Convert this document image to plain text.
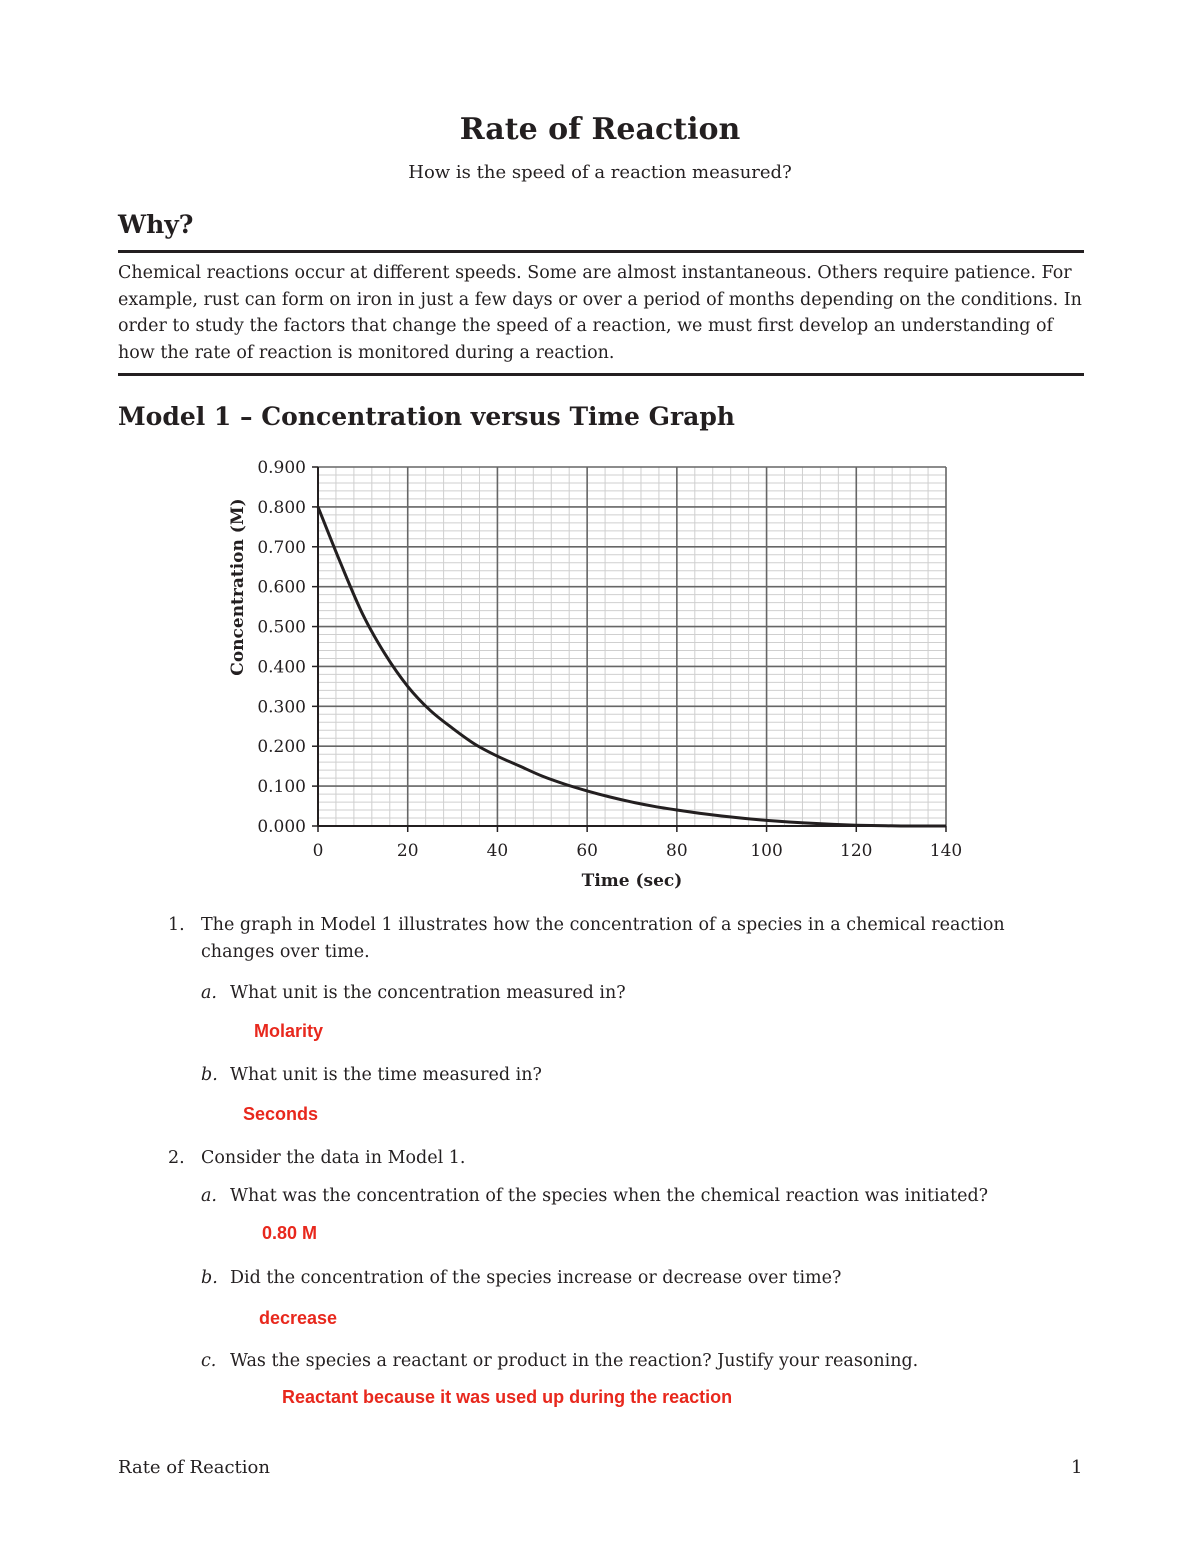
Rate of Reaction
How is the speed of a reaction measured?
Why?
Chemical reactions occur at different speeds. Some are almost instantaneous. Others require patience. For example, rust can form on iron in just a few days or over a period of months depending on the conditions. In order to study the factors that change the speed of a reaction, we must first develop an understanding of how the rate of reaction is monitored during a reaction.
Model 1 – Concentration versus Time Graph
0	20	40	60	80	100	120	140
0.000
0.100
0.200
0.300
0.400
0.500
0.600
0.700
0.800
0.900
Time (sec)
Concentration (M)
1. The graph in Model 1 illustrates how the concentration of a species in a chemical reaction changes over time.
a. What unit is the concentration measured in?
Molarity
b. What unit is the time measured in?
Seconds
2. Consider the data in Model 1.
a. What was the concentration of the species when the chemical reaction was initiated?
0.80 M
b. Did the concentration of the species increase or decrease over time?
decrease
c. Was the species a reactant or product in the reaction? Justify your reasoning.
Reactant because it was used up during the reaction
Rate of Reaction	1
